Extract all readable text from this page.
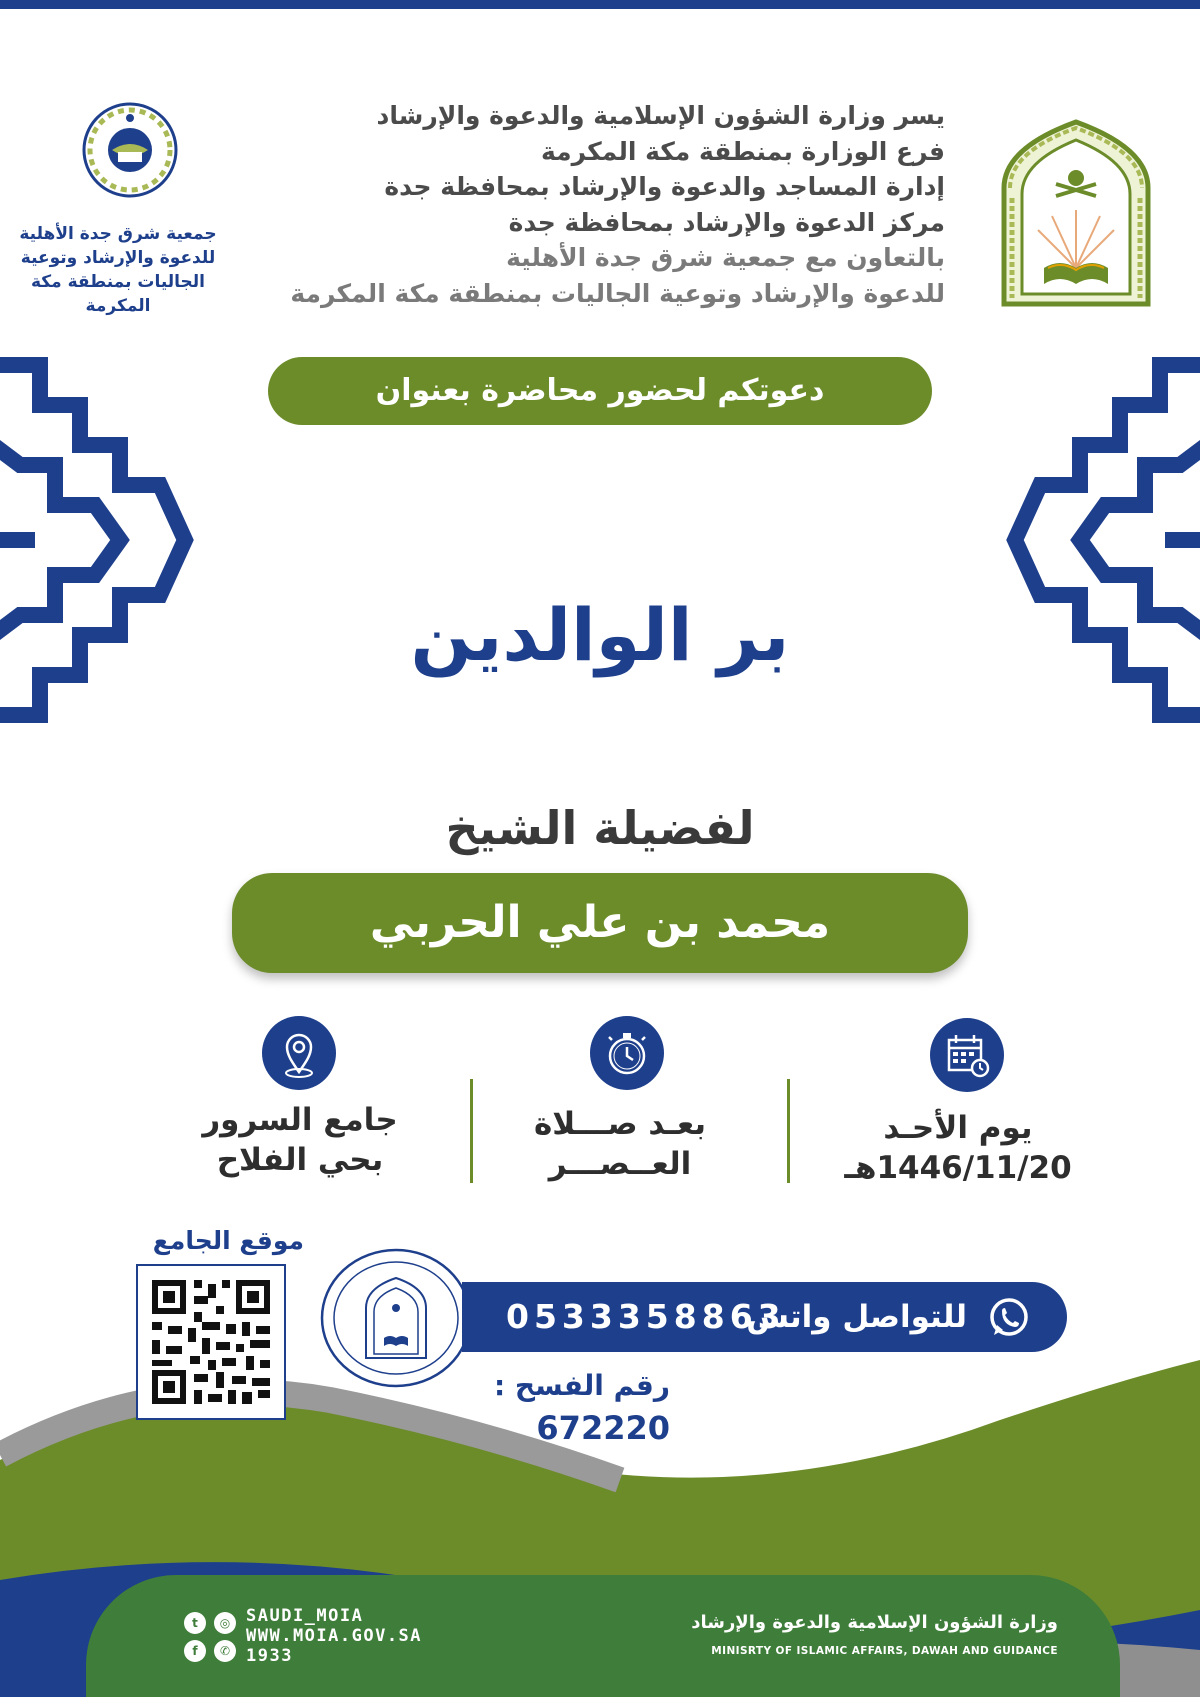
يسر وزارة الشؤون الإسلامية والدعوة والإرشاد
فرع الوزارة بمنطقة مكة المكرمة
إدارة المساجد والدعوة والإرشاد بمحافظة جدة
مركز الدعوة والإرشاد بمحافظة جدة
بالتعاون مع جمعية شرق جدة الأهلية
للدعوة والإرشاد وتوعية الجاليات بمنطقة مكة المكرمة
جمعية شرق جدة الأهلية للدعوة والإرشاد وتوعية الجاليات بمنطقة مكة المكرمة
دعوتكم لحضور محاضرة بعنوان
بر الوالدين
لفضيلة الشيخ
محمد بن علي الحربي
يوم الأحـد
1446/11/20هـ
بعـد صـــلاة
العــصـــر
جامع السرور
بحي الفلاح
موقع الجامع
للتواصل واتس
0533358863
رقم الفسح :
672220
t	◎
f	✆
SAUDI_MOIA
WWW.MOIA.GOV.SA
1933
وزارة الشؤون الإسلامية والدعوة والإرشاد
MINISRTY OF ISLAMIC AFFAIRS, DAWAH AND GUIDANCE
